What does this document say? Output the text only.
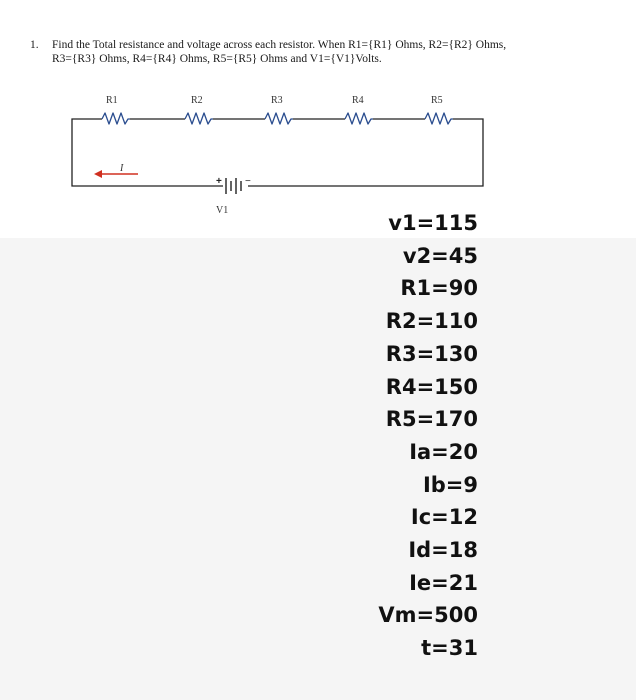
1. Find the Total resistance and voltage across each resistor. When R1={R1} Ohms, R2={R2} Ohms,
R3={R3} Ohms, R4={R4} Ohms, R5={R5} Ohms and V1={V1}Volts.
R1	R2	R3	R4	R5
I
+ −
V1
v1=115
v2=45
R1=90
R2=110
R3=130
R4=150
R5=170
Ia=20
Ib=9
Ic=12
Id=18
Ie=21
Vm=500
t=31
